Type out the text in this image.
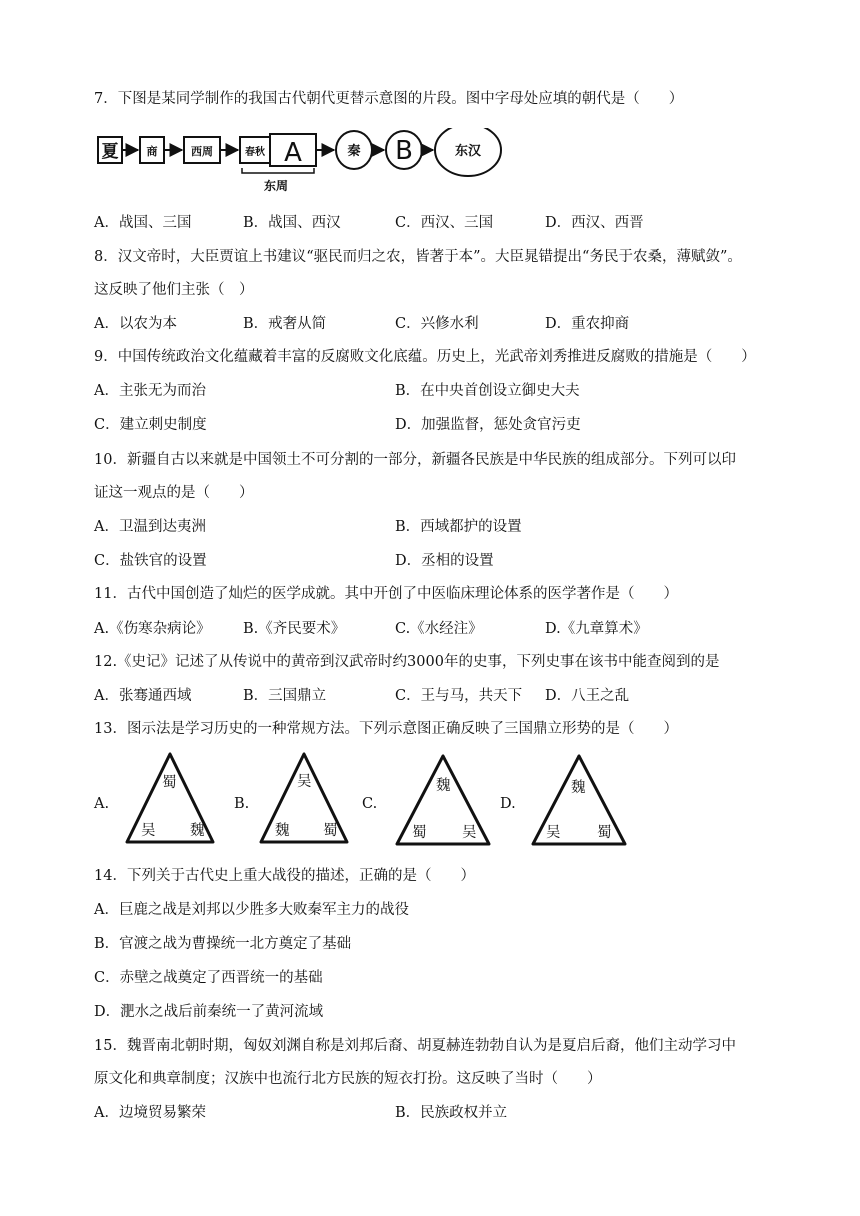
7．下图是某同学制作的我国古代朝代更替示意图的片段。图中字母处应填的朝代是（　　）
夏	商	西周	春秋 A	秦 B	东汉
东周
A．战国、三国	B．战国、西汉	C．西汉、三国	D．西汉、西晋
8．汉文帝时，大臣贾谊上书建议“驱民而归之农，皆著于本”。大臣晁错提出“务民于农桑，薄赋敛”。
这反映了他们主张（　）
A．以农为本	B．戒奢从简	C．兴修水利	D．重农抑商
9．中国传统政治文化蕴藏着丰富的反腐败文化底蕴。历史上，光武帝刘秀推进反腐败的措施是（　　）
A．主张无为而治	B．在中央首创设立御史大夫
C．建立刺史制度	D．加强监督，惩处贪官污吏
10．新疆自古以来就是中国领土不可分割的一部分，新疆各民族是中华民族的组成部分。下列可以印
证这一观点的是（　　）
A．卫温到达夷洲	B．西域都护的设置
C．盐铁官的设置	D．丞相的设置
11．古代中国创造了灿烂的医学成就。其中开创了中医临床理论体系的医学著作是（　　）
A.《伤寒杂病论》 B.《齐民要术》	C.《水经注》	D.《九章算术》
12.《史记》记述了从传说中的黄帝到汉武帝时约3000年的史事，下列史事在该书中能查阅到的是
A．张骞通西域	B．三国鼎立	C．王与马，共天下 D．八王之乱
13．图示法是学习历史的一种常规方法。下列示意图正确反映了三国鼎立形势的是（　　）
A.
蜀
吴 魏
B.
吴
魏 蜀
C.
魏
蜀 吴
D.
魏
吴	蜀
14．下列关于古代史上重大战役的描述，正确的是（　　）
A．巨鹿之战是刘邦以少胜多大败秦军主力的战役
B．官渡之战为曹操统一北方奠定了基础
C．赤壁之战奠定了西晋统一的基础
D．淝水之战后前秦统一了黄河流域
15．魏晋南北朝时期，匈奴刘渊自称是刘邦后裔、胡夏赫连勃勃自认为是夏启后裔，他们主动学习中
原文化和典章制度；汉族中也流行北方民族的短衣打扮。这反映了当时（　　）
A．边境贸易繁荣	B．民族政权并立
